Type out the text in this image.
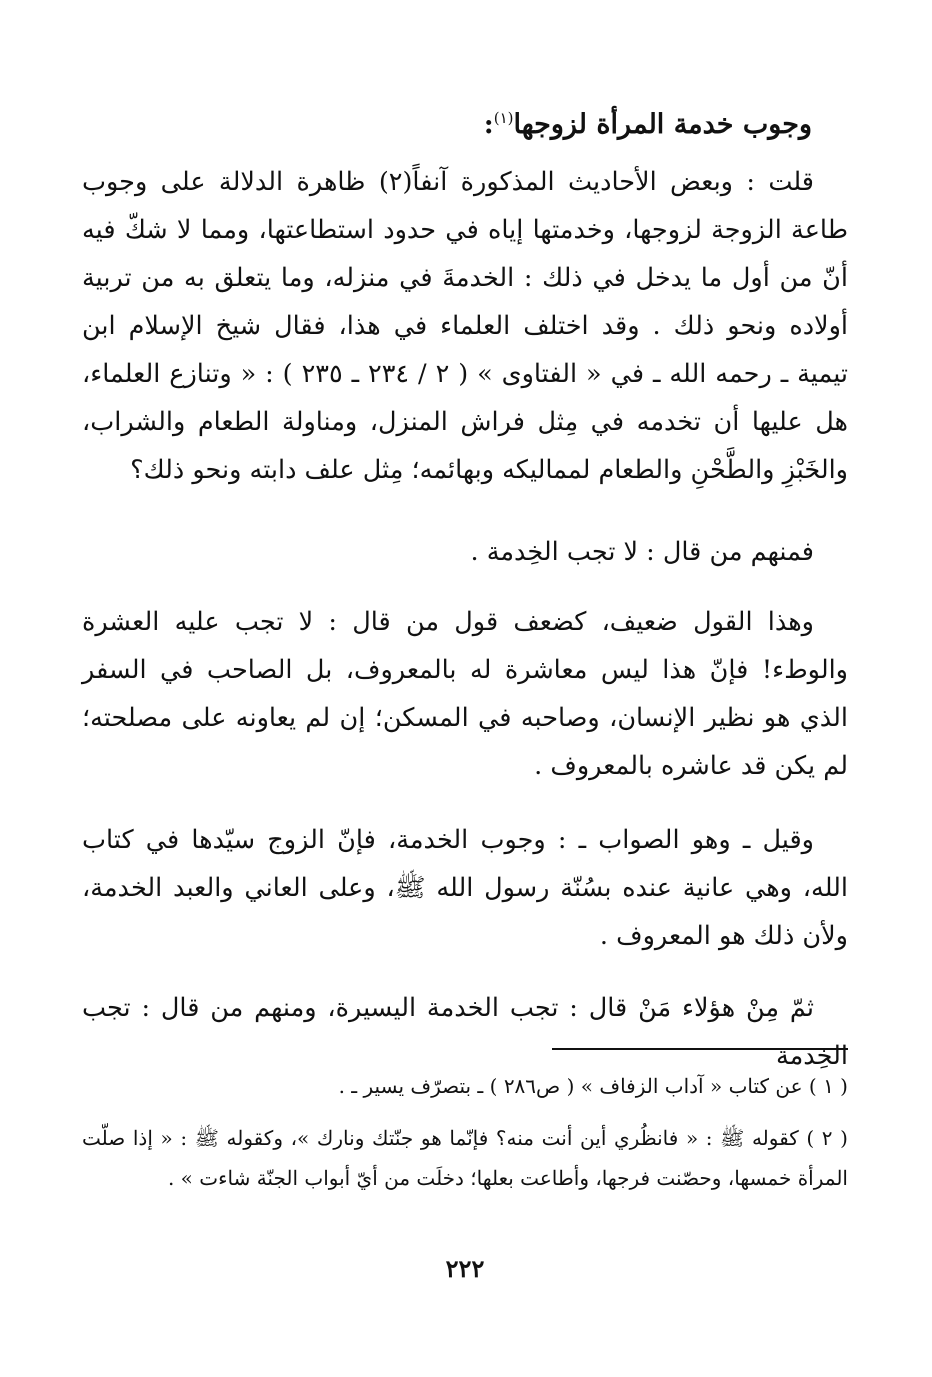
وجوب خدمة المرأة لزوجها$^{(١)}$:
قلت : وبعض الأحاديث المذكورة آنفاً(٢) ظاهرة الدلالة على وجوب طاعة الزوجة لزوجها، وخدمتها إياه في حدود استطاعتها، ومما لا شكّ فيه أنّ من أول ما يدخل في ذلك : الخدمةَ في منزله، وما يتعلق به من تربية أولاده ونحو ذلك . وقد اختلف العلماء في هذا، فقال شيخ الإسلام ابن تيمية ـ رحمه الله ـ في « الفتاوى » ( ٢ / ٢٣٤ ـ ٢٣٥ ) : « وتنازع العلماء، هل عليها أن تخدمه في مِثل فراش المنزل، ومناولة الطعام والشراب، والخَبْزِ والطَّحْنِ والطعام لمماليكه وبهائمه؛ مِثل علف دابته ونحو ذلك؟
فمنهم من قال : لا تجب الخِدمة .
وهذا القول ضعيف، كضعف قول من قال : لا تجب عليه العشرة والوطء! فإنّ هذا ليس معاشرة له بالمعروف، بل الصاحب في السفر الذي هو نظير الإنسان، وصاحبه في المسكن؛ إن لم يعاونه على مصلحته؛ لم يكن قد عاشره بالمعروف .
وقيل ـ وهو الصواب ـ : وجوب الخدمة، فإنّ الزوج سيّدها في كتاب الله، وهي عانية عنده بسُنّة رسول الله ﷺ، وعلى العاني والعبد الخدمة، ولأن ذلك هو المعروف .
ثمّ مِنْ هؤلاء مَنْ قال : تجب الخدمة اليسيرة، ومنهم من قال : تجب الخِدمة
( ١ ) عن كتاب « آداب الزفاف » ( ص٢٨٦ ) ـ بتصرّف يسير ـ .
( ٢ ) كقوله ﷺ : « فانظُري أين أنت منه؟ فإنّما هو جنّتك ونارك »، وكقوله ﷺ : « إذا صلّت المرأة خمسها، وحصّنت فرجها، وأطاعت بعلها؛ دخلَت من أيّ أبواب الجنّة شاءت » .
٢٢٢
